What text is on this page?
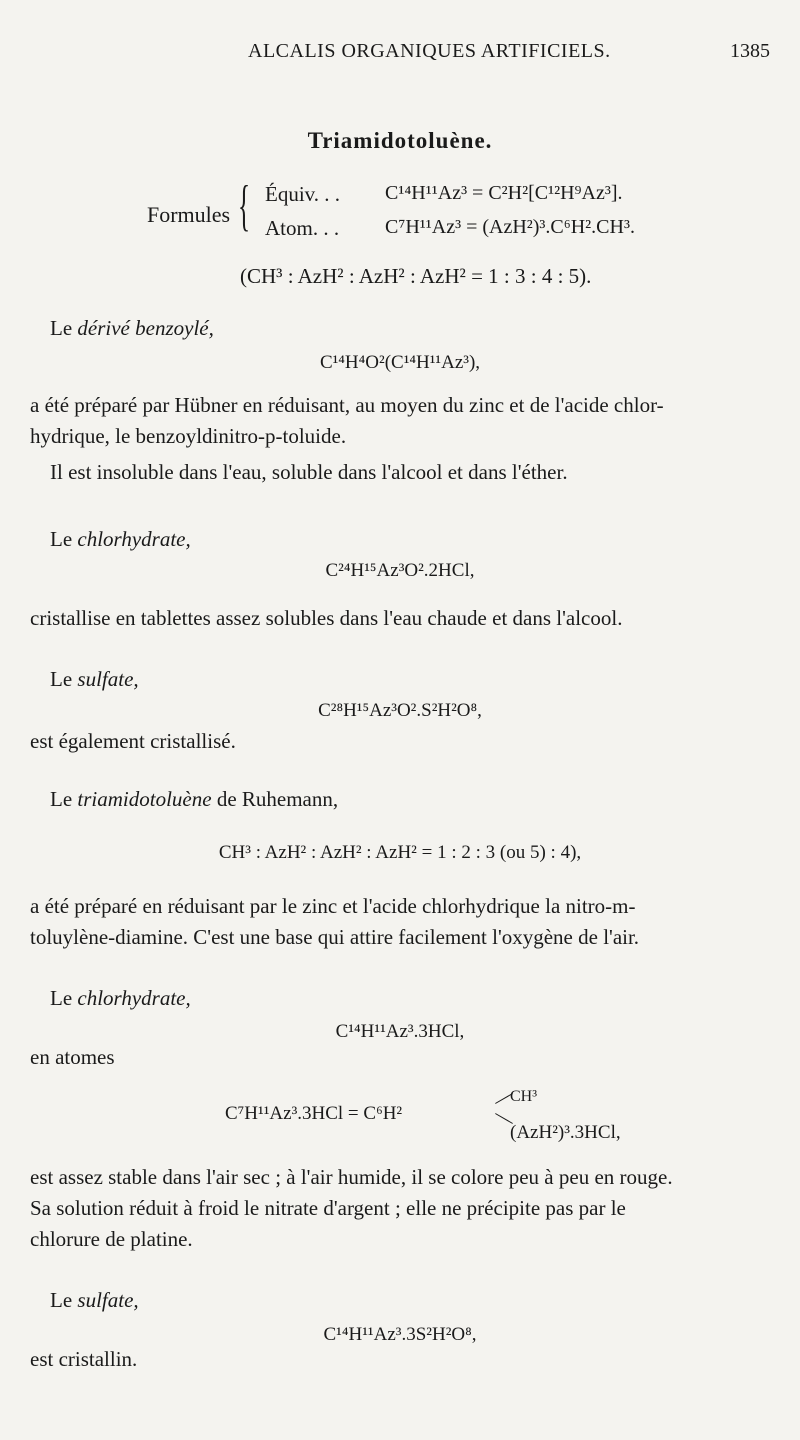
ALCALIS ORGANIQUES ARTIFICIELS.	1385
Triamidotoluène.
Formules { Équiv. . . C¹⁴H¹¹Az³ = C²H²[C¹²H⁹Az³].
Atom. . . C⁷H¹¹Az³ = (AzH²)³.C⁶H².CH³.
(CH³ : AzH² : AzH² : AzH² = 1 : 3 : 4 : 5).

Le dérivé benzoylé,

C¹⁴H⁴O²(C¹⁴H¹¹Az³),

a été préparé par Hübner en réduisant, au moyen du zinc et de l'acide chlor-

hydrique, le benzoyldinitro-p-toluide.

Il est insoluble dans l'eau, soluble dans l'alcool et dans l'éther.

Le chlorhydrate,

C²⁴H¹⁵Az³O².2HCl,

cristallise en tablettes assez solubles dans l'eau chaude et dans l'alcool.

Le sulfate,

C²⁸H¹⁵Az³O².S²H²O⁸,

est également cristallisé.

Le triamidotoluène de Ruhemann,

CH³ : AzH² : AzH² : AzH² = 1 : 2 : 3 (ou 5) : 4),

a été préparé en réduisant par le zinc et l'acide chlorhydrique la nitro-m-

toluylène-diamine. C'est une base qui attire facilement l'oxygène de l'air.

Le chlorhydrate,

C¹⁴H¹¹Az³.3HCl,

en atomes

C⁷H¹¹Az³.3HCl = C⁶H²
CH³
(AzH²)³.3HCl,

est assez stable dans l'air sec ; à l'air humide, il se colore peu à peu en rouge.

Sa solution réduit à froid le nitrate d'argent ; elle ne précipite pas par le

chlorure de platine.

Le sulfate,

C¹⁴H¹¹Az³.3S²H²O⁸,

est cristallin.
